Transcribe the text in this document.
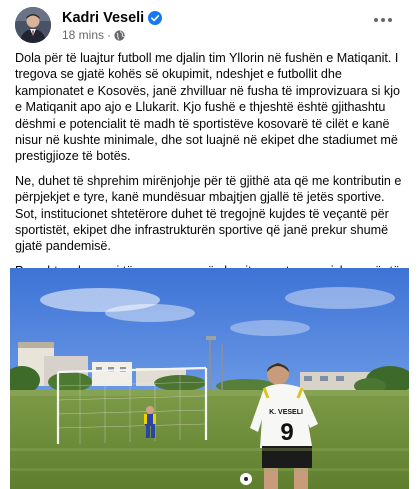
Kadri Veseli
18 mins ·

Dola për të luajtur futboll me djalin tim Yllorin në fushën e Matiqanit. I tregova se gjatë kohës së okupimit, ndeshjet e futbollit dhe kampionatet e Kosovës, janë zhvilluar në fusha të improvizuara si kjo e Matiqanit apo ajo e Llukarit. Kjo fushë e thjeshtë është gjithashtu dëshmi e potencialit të madh të sportistëve kosovarë të cilët e kanë nisur në kushte minimale, dhe sot luajnë në ekipet dhe stadiumet më prestigjioze të botës.

Ne, duhet të shprehim mirënjohje për të gjithë ata që me kontributin e përpjekjet e tyre, kanë mundësuar mbajtjen gjallë të jetës sportive. Sot, institucionet shtetërore duhet të tregojnë kujdes të veçantë për sportistët, ekipet dhe infrastrukturën sportive që janë prekur shumë gjatë pandemisë.

K. VESELI
9
